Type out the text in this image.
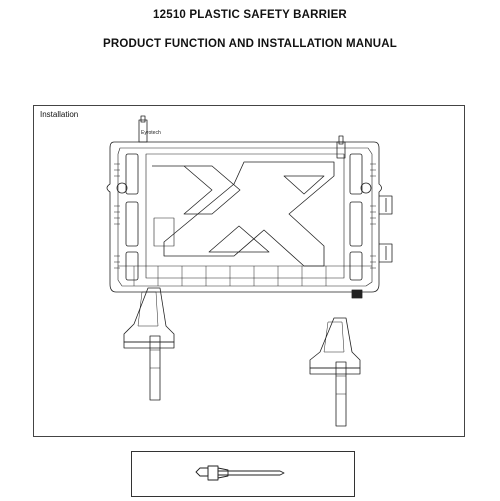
12510 PLASTIC SAFETY BARRIER
PRODUCT FUNCTION AND INSTALLATION MANUAL
Installation
Eyrotech
